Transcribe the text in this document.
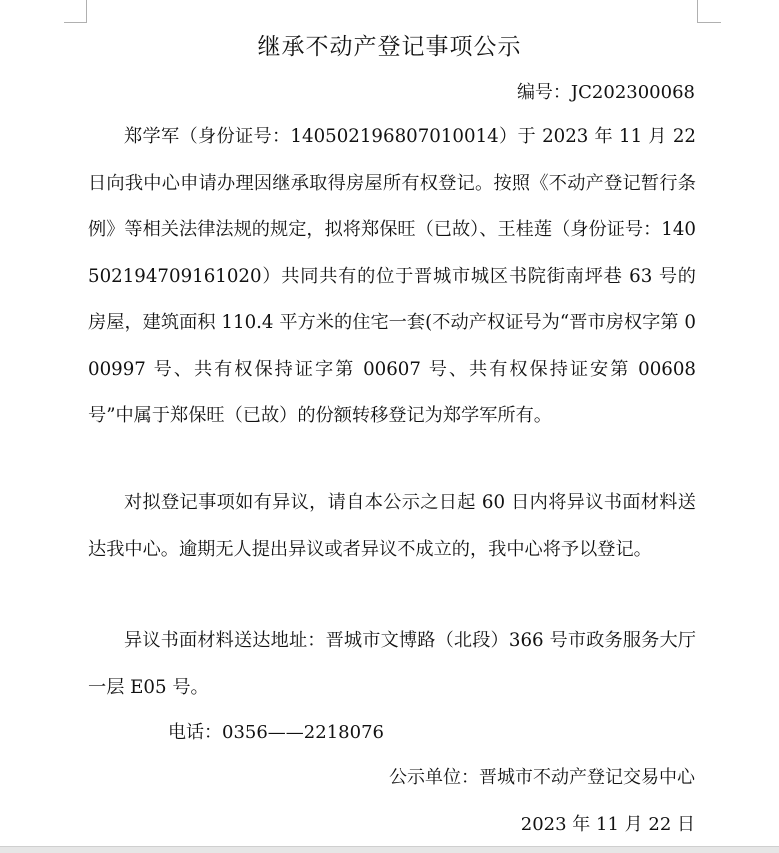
继承不动产登记事项公示
编号：JC202300068
郑学军（身份证号：140502196807010014）于 2023 年 11 月 22 日向我中心申请办理因继承取得房屋所有权登记。按照《不动产登记暂行条例》等相关法律法规的规定，拟将郑保旺（已故）、王桂莲（身份证号：140502194709161020）共同共有的位于晋城市城区书院街南坪巷 63 号的房屋，建筑面积 110.4 平方米的住宅一套(不动产权证号为“晋市房权字第 000997 号、共有权保持证字第 00607 号、共有权保持证安第 00608 号”中属于郑保旺（已故）的份额转移登记为郑学军所有。
对拟登记事项如有异议，请自本公示之日起 60 日内将异议书面材料送达我中心。逾期无人提出异议或者异议不成立的，我中心将予以登记。
异议书面材料送达地址：晋城市文博路（北段）366 号市政务服务大厅一层 E05 号。
电话：0356——2218076
公示单位：晋城市不动产登记交易中心
2023 年 11 月 22 日
